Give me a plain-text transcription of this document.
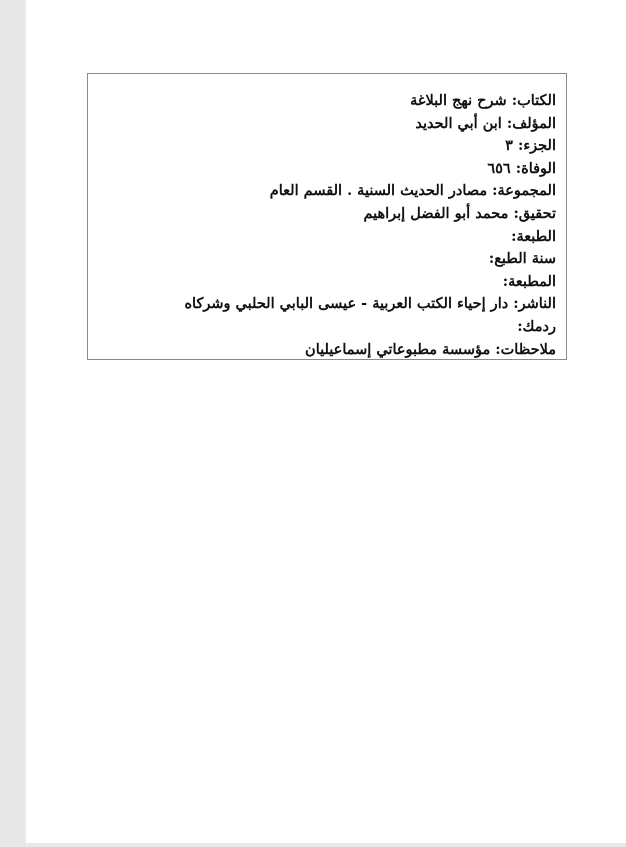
الكتاب: شرح نهج البلاغة
المؤلف: ابن أبي الحديد
الجزء: ٣
الوفاة: ٦٥٦
المجموعة: مصادر الحديث السنية . القسم العام
تحقيق: محمد أبو الفضل إبراهيم
الطبعة:
سنة الطبع:
المطبعة:
الناشر: دار إحياء الكتب العربية - عيسى البابي الحلبي وشركاه
ردمك:
ملاحظات: مؤسسة مطبوعاتي إسماعيليان
